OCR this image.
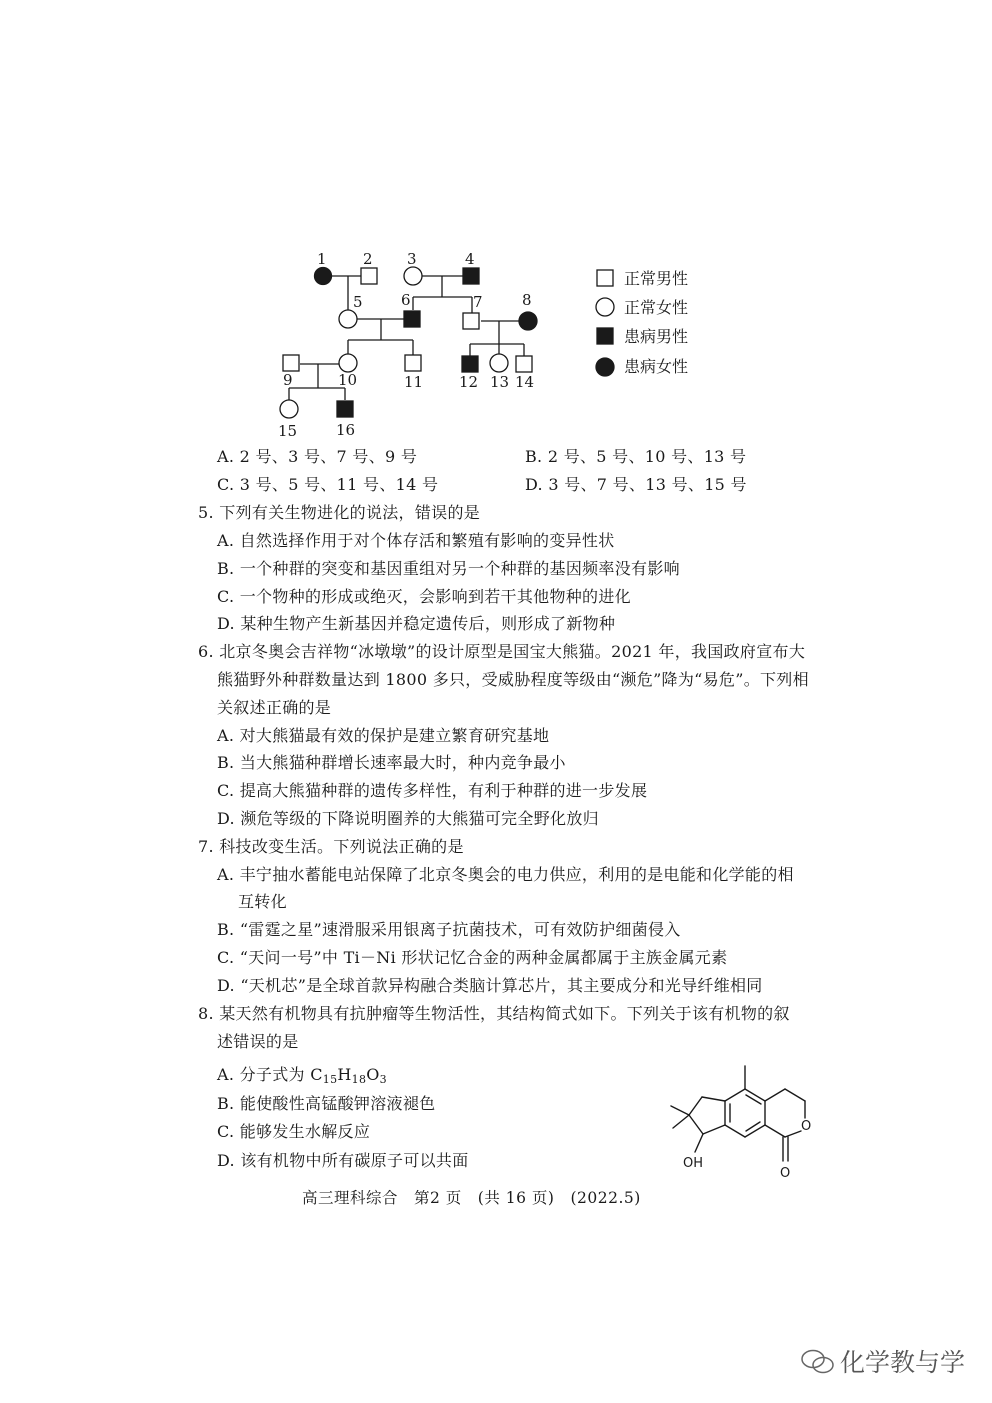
1 2 3	4
5	6	7	8
9	10	11 12 13 14
15	16
正常男性
正常女性
患病男性
患病女性
A. 2 号、3 号、7 号、9 号	B. 2 号、5 号、10 号、13 号
C. 3 号、5 号、11 号、14 号	D. 3 号、7 号、13 号、15 号
5. 下列有关生物进化的说法，错误的是
A. 自然选择作用于对个体存活和繁殖有影响的变异性状
B. 一个种群的突变和基因重组对另一个种群的基因频率没有影响
C. 一个物种的形成或绝灭，会影响到若干其他物种的进化
D. 某种生物产生新基因并稳定遗传后，则形成了新物种
6. 北京冬奥会吉祥物“冰墩墩”的设计原型是国宝大熊猫。2021 年，我国政府宣布大
熊猫野外种群数量达到 1800 多只，受威胁程度等级由“濒危”降为“易危”。下列相
关叙述正确的是
A. 对大熊猫最有效的保护是建立繁育研究基地
B. 当大熊猫种群增长速率最大时，种内竞争最小
C. 提高大熊猫种群的遗传多样性，有利于种群的进一步发展
D. 濒危等级的下降说明圈养的大熊猫可完全野化放归
7. 科技改变生活。下列说法正确的是
A. 丰宁抽水蓄能电站保障了北京冬奥会的电力供应，利用的是电能和化学能的相
互转化
B. “雷霆之星”速滑服采用银离子抗菌技术，可有效防护细菌侵入
C. “天问一号”中 Ti－Ni 形状记忆合金的两种金属都属于主族金属元素
D. “天机芯”是全球首款异构融合类脑计算芯片，其主要成分和光导纤维相同
8. 某天然有机物具有抗肿瘤等生物活性，其结构简式如下。下列关于该有机物的叙
述错误的是
A. 分子式为 $C_{15}H_{18}O_3$
B. 能使酸性高锰酸钾溶液褪色
C. 能够发生水解反应
D. 该有机物中所有碳原子可以共面	OH
O
O
高三理科综合　第2 页　(共 16 页)　(2022.5)
化学教与学
